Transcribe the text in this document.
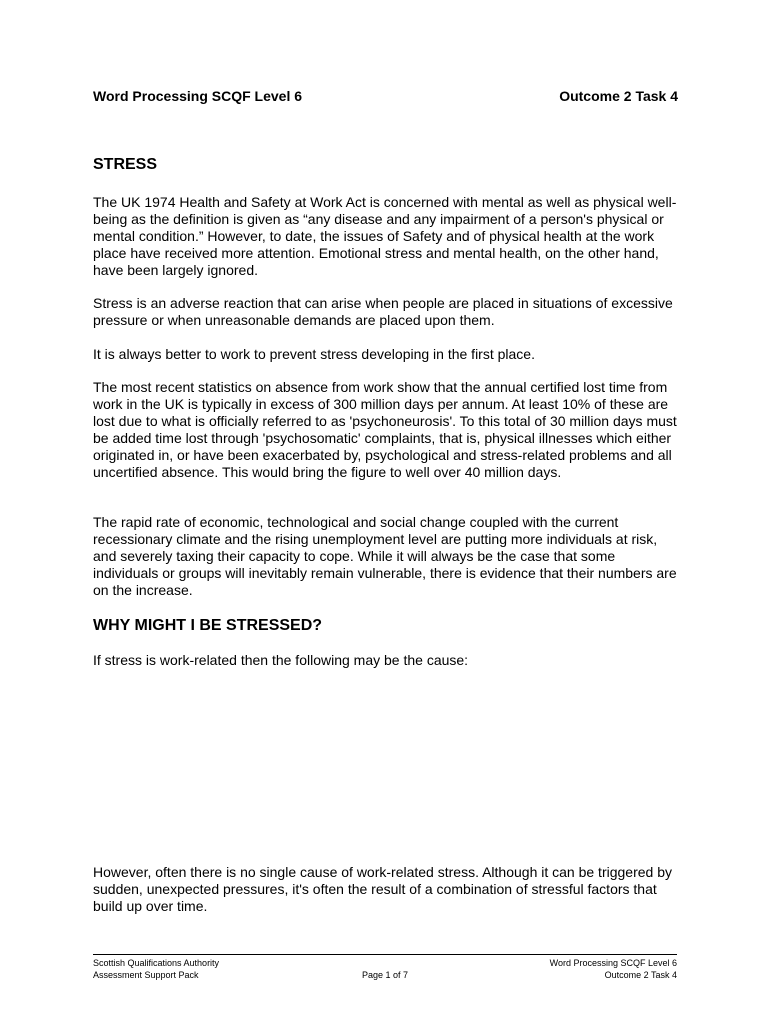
Word Processing SCQF Level 6	Outcome 2 Task 4
STRESS

The UK 1974 Health and Safety at Work Act is concerned with mental as well as physical well-being as the definition is given as “any disease and any impairment of a person's physical or mental condition.” However, to date, the issues of Safety and of physical health at the work place have received more attention. Emotional stress and mental health, on the other hand, have been largely ignored.

Stress is an adverse reaction that can arise when people are placed in situations of excessive pressure or when unreasonable demands are placed upon them.

It is always better to work to prevent stress developing in the first place.

The most recent statistics on absence from work show that the annual certified lost time from work in the UK is typically in excess of 300 million days per annum. At least 10% of these are lost due to what is officially referred to as 'psychoneurosis'. To this total of 30 million days must be added time lost through 'psychosomatic' complaints, that is, physical illnesses which either originated in, or have been exacerbated by, psychological and stress-related problems and all uncertified absence. This would bring the figure to well over 40 million days.

The rapid rate of economic, technological and social change coupled with the current recessionary climate and the rising unemployment level are putting more individuals at risk, and severely taxing their capacity to cope. While it will always be the case that some individuals or groups will inevitably remain vulnerable, there is evidence that their numbers are on the increase.

WHY MIGHT I BE STRESSED?

If stress is work-related then the following may be the cause:

However, often there is no single cause of work-related stress. Although it can be triggered by sudden, unexpected pressures, it's often the result of a combination of stressful factors that build up over time.

Scottish Qualifications Authority	Word Processing SCQF Level 6
Assessment Support Pack	Page 1 of 7	Outcome 2 Task 4
